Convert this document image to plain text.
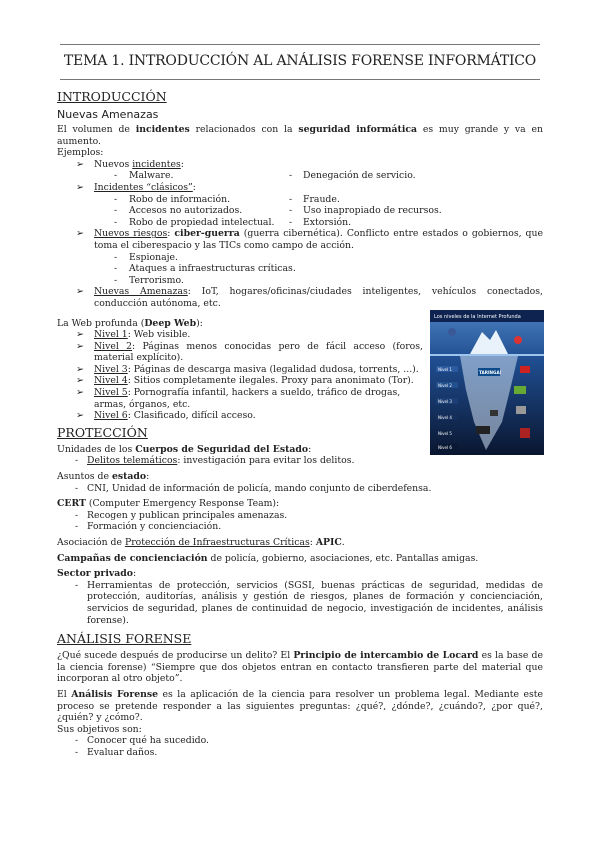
TEMA 1. INTRODUCCIÓN AL ANÁLISIS FORENSE INFORMÁTICO
INTRODUCCIÓN
Nuevas Amenazas

El volumen de incidentes relacionados con la seguridad informática es muy grande y va en aumento.

Ejemplos:

➢ Nuevos incidentes:
- Malware.	- Denegación de servicio.
➢ Incidentes “clásicos”:
- Robo de información.
- Accesos no autorizados.
- Robo de propiedad intelectual.
- Fraude.
- Uso inapropiado de recursos.
- Extorsión.
➢ Nuevos riesgos: ciber-guerra (guerra cibernética). Conflicto entre estados o gobiernos, que toma el ciberespacio y las TICs como campo de acción.
- Espionaje.
- Ataques a infraestructuras críticas.
- Terrorismo.
➢ Nuevas Amenazas: IoT, hogares/oficinas/ciudades inteligentes, vehículos conectados, conducción autónoma, etc.

La Web profunda (Deep Web):

➢ Nivel 1: Web visible.
➢ Nivel 2: Páginas menos conocidas pero de fácil acceso (foros, material explícito).
➢ Nivel 3: Páginas de descarga masiva (legalidad dudosa, torrents, ...).
➢ Nivel 4: Sitios completamente ilegales. Proxy para anonimato (Tor).
➢ Nivel 5: Pornografía infantil, hackers a sueldo, tráfico de drogas, armas, órganos, etc.
➢ Nivel 6: Clasificado, difícil acceso.
Los niveles de la Internet Profunda
Nivel 1
Nivel 2
Nivel 3
Nivel 4
Nivel 5
Nivel 6
TARINGA!
PROTECCIÓN

Unidades de los Cuerpos de Seguridad del Estado:

- Delitos telemáticos: investigación para evitar los delitos.

Asuntos de estado:

- CNI, Unidad de información de policía, mando conjunto de ciberdefensa.

CERT (Computer Emergency Response Team):

- Recogen y publican principales amenazas.
- Formación y concienciación.

Asociación de Protección de Infraestructuras Críticas: APIC.

Campañas de concienciación de policía, gobierno, asociaciones, etc. Pantallas amigas.

Sector privado:

- Herramientas de protección, servicios (SGSI, buenas prácticas de seguridad, medidas de protección, auditorías, análisis y gestión de riesgos, planes de formación y concienciación, servicios de seguridad, planes de continuidad de negocio, investigación de incidentes, análisis forense).
ANÁLISIS FORENSE

¿Qué sucede después de producirse un delito? El Principio de intercambio de Locard es la base de la ciencia forense) “Siempre que dos objetos entran en contacto transfieren parte del material que incorporan al otro objeto”.

El Análisis Forense es la aplicación de la ciencia para resolver un problema legal. Mediante este proceso se pretende responder a las siguientes preguntas: ¿qué?, ¿dónde?, ¿cuándo?, ¿por qué?, ¿quién? y ¿cómo?.

Sus objetivos son:

- Conocer qué ha sucedido.
- Evaluar daños.
